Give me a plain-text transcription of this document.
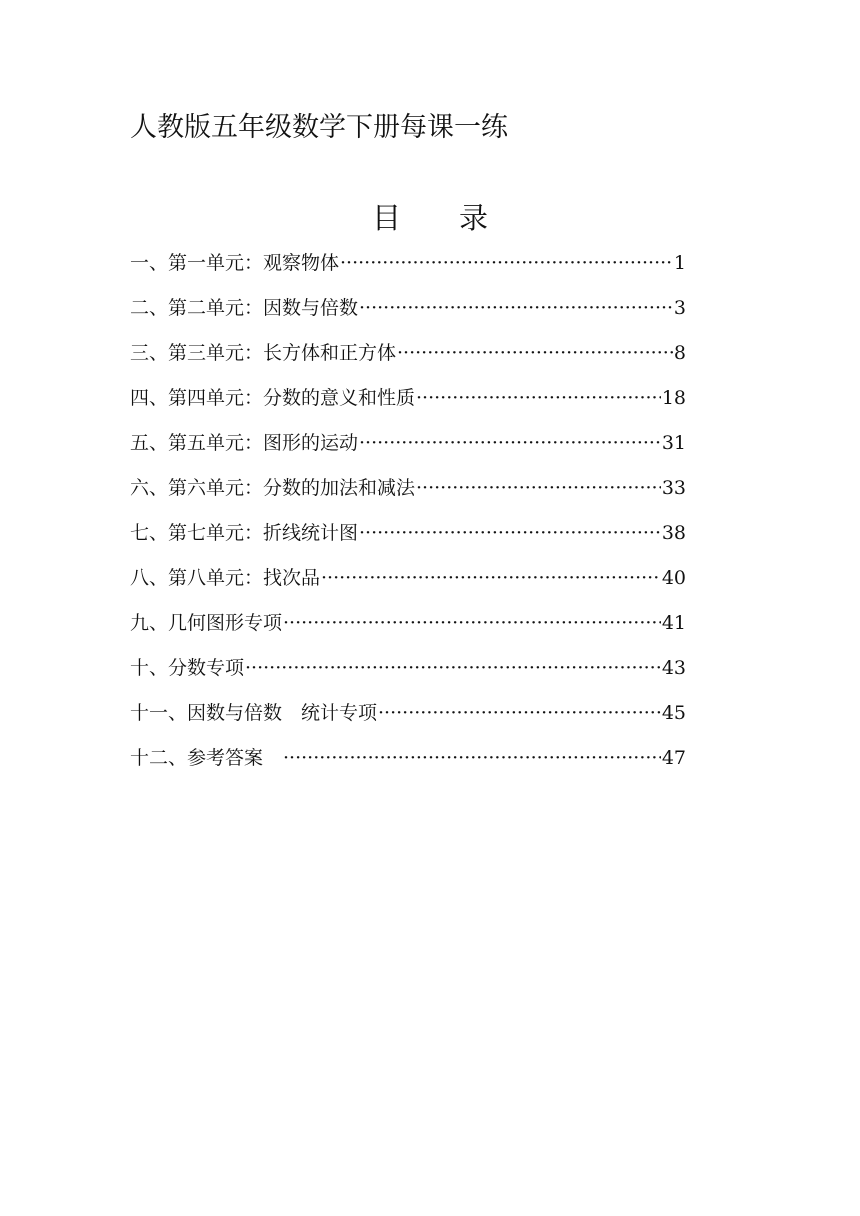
人教版五年级数学下册每课一练
目 录
一、第一单元：观察物体 ·····	1
二、第二单元：因数与倍数 ·····	3
三、第三单元：长方体和正方体 ·····	8
四、第四单元：分数的意义和性质 ·····	18
五、第五单元：图形的运动 ·····	31
六、第六单元：分数的加法和减法 ·····	33
七、第七单元：折线统计图 ·····	38
八、第八单元：找次品 ·····	40
九、几何图形专项 ·····	41
十、分数专项 ·····	43
十一、因数与倍数　统计专项 ·····	45
十二、参考答案　 ·····	47
